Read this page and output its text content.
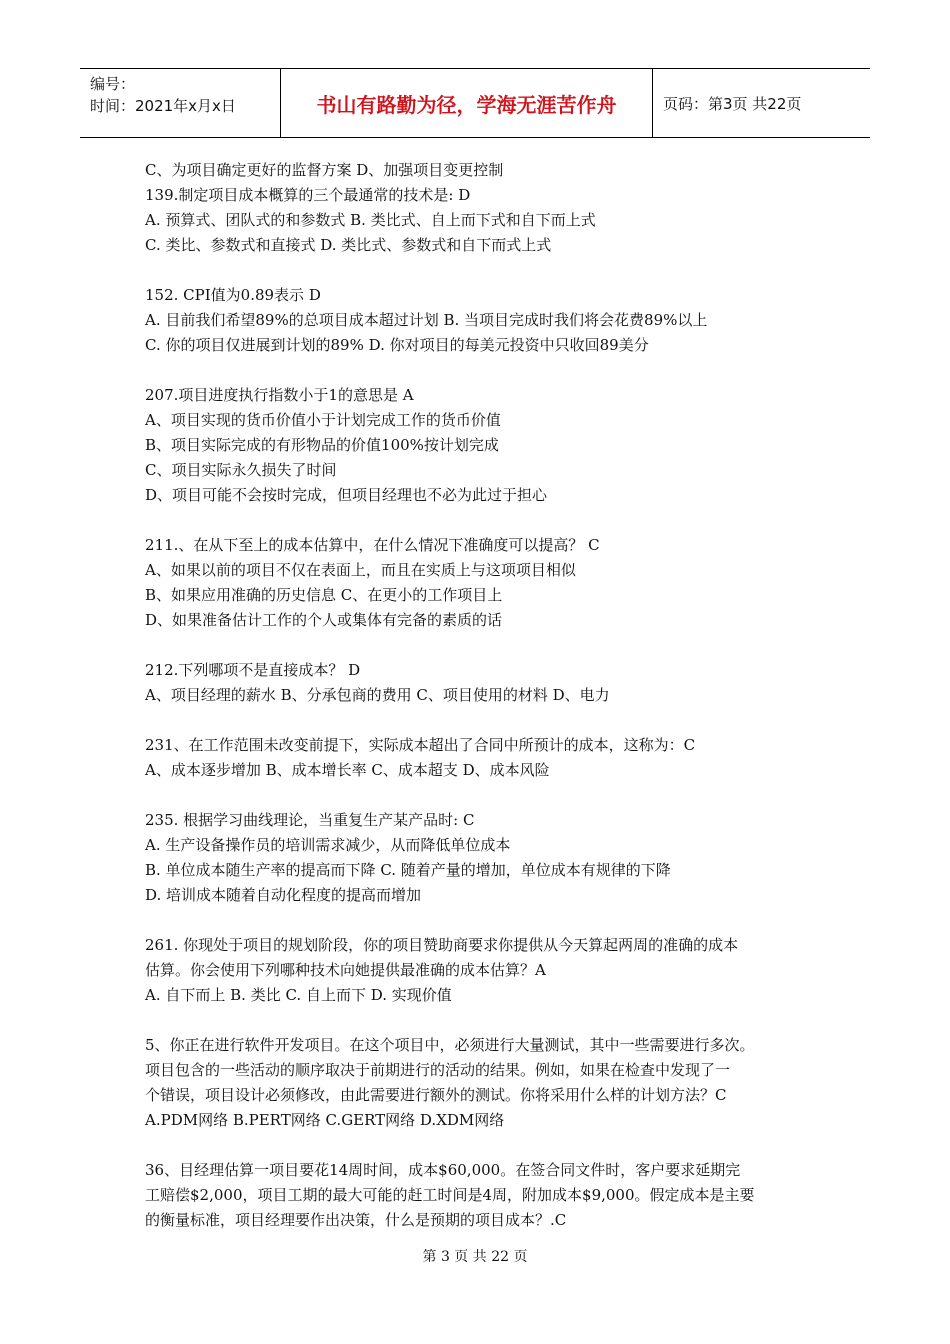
编号：
时间：2021年x月x日	书山有路勤为径，学海无涯苦作舟	页码：第3页 共22页

C、为项目确定更好的监督方案 D、加强项目变更控制

139.制定项目成本概算的三个最通常的技术是: D

A. 预算式、团队式的和参数式 B. 类比式、自上而下式和自下而上式

C. 类比、参数式和直接式 D. 类比式、参数式和自下而式上式

152. CPI值为0.89表示 D

A. 目前我们希望89%的总项目成本超过计划 B. 当项目完成时我们将会花费89%以上

C. 你的项目仅进展到计划的89% D. 你对项目的每美元投资中只收回89美分

207.项目进度执行指数小于1的意思是 A

A、项目实现的货币价值小于计划完成工作的货币价值

B、项目实际完成的有形物品的价值100%按计划完成

C、项目实际永久损失了时间

D、项目可能不会按时完成，但项目经理也不必为此过于担心

211.、在从下至上的成本估算中，在什么情况下准确度可以提高？ C

A、如果以前的项目不仅在表面上，而且在实质上与这项项目相似

B、如果应用准确的历史信息 C、在更小的工作项目上

D、如果准备估计工作的个人或集体有完备的素质的话

212.下列哪项不是直接成本？ D

A、项目经理的薪水 B、分承包商的费用 C、项目使用的材料 D、电力

231、在工作范围未改变前提下，实际成本超出了合同中所预计的成本，这称为：C

A、成本逐步增加 B、成本增长率 C、成本超支 D、成本风险

235. 根据学习曲线理论，当重复生产某产品时: C

A. 生产设备操作员的培训需求减少，从而降低单位成本

B. 单位成本随生产率的提高而下降 C. 随着产量的增加，单位成本有规律的下降

D. 培训成本随着自动化程度的提高而增加

261. 你现处于项目的规划阶段，你的项目赞助商要求你提供从今天算起两周的准确的成本

估算。你会使用下列哪种技术向她提供最准确的成本估算？A

A. 自下而上 B. 类比 C. 自上而下 D. 实现价值

5、你正在进行软件开发项目。在这个项目中，必须进行大量测试，其中一些需要进行多次。

项目包含的一些活动的顺序取决于前期进行的活动的结果。例如，如果在检查中发现了一

个错误，项目设计必须修改，由此需要进行额外的测试。你将采用什么样的计划方法？C

A.PDM网络 B.PERT网络 C.GERT网络 D.XDM网络

36、目经理估算一项目要花14周时间，成本$60,000。在签合同文件时，客户要求延期完

工赔偿$2,000，项目工期的最大可能的赶工时间是4周，附加成本$9,000。假定成本是主要

的衡量标准，项目经理要作出决策，什么是预期的项目成本？.C

第 3 页 共 22 页
